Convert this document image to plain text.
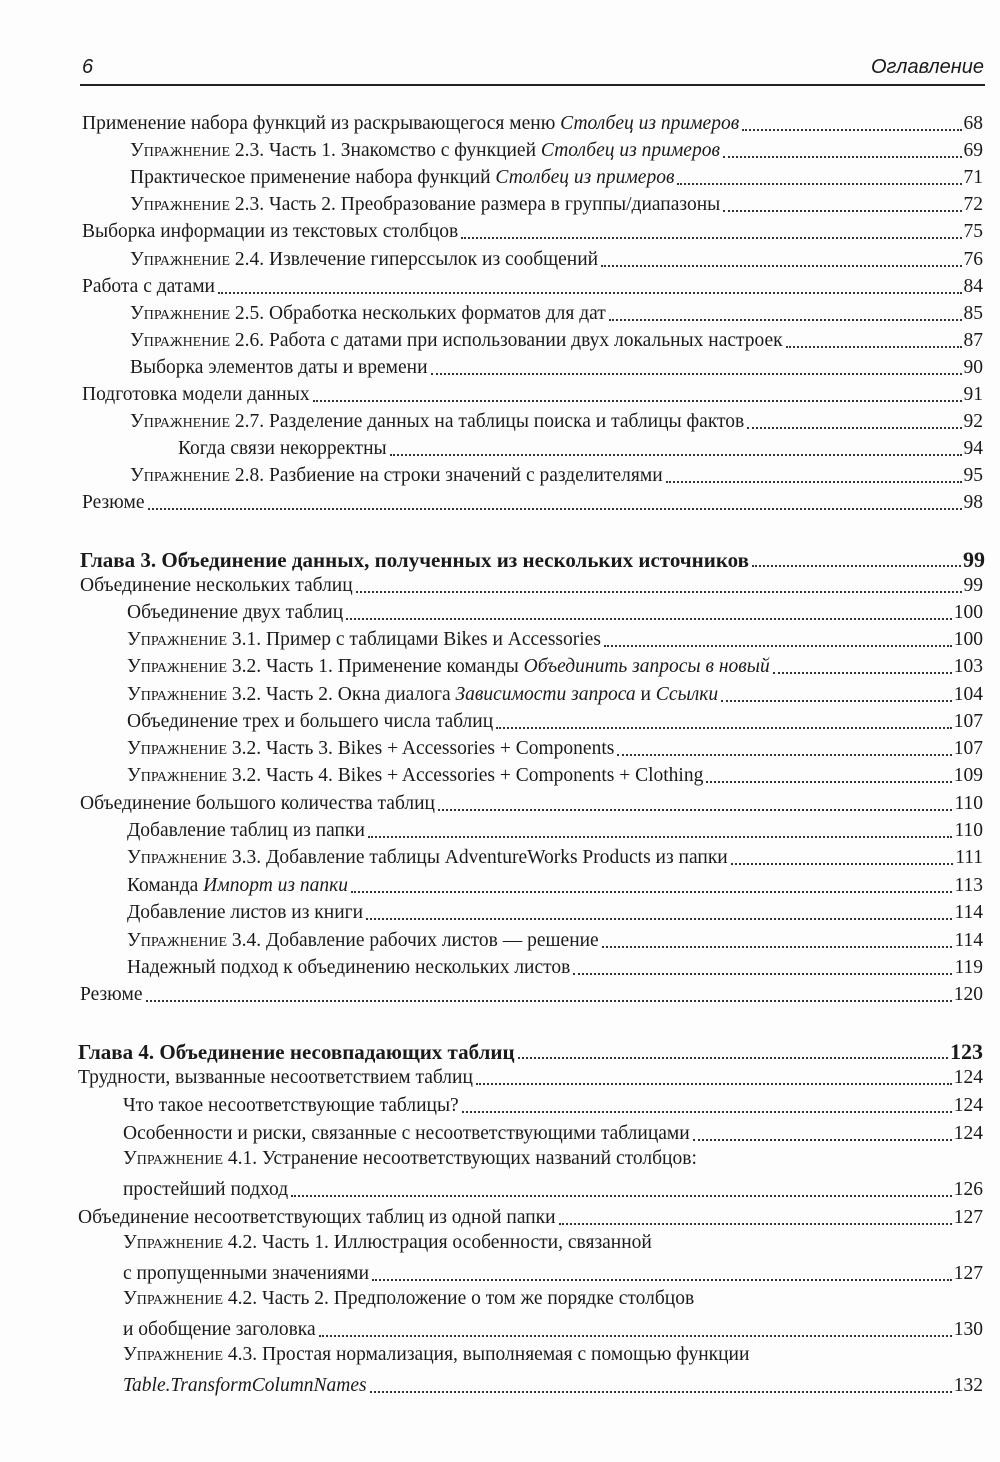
6	Оглавление
Применение набора функций из раскрывающегося меню Столбец из примеров	68
Упражнение 2.3. Часть 1. Знакомство с функцией Столбец из примеров	69
Практическое применение набора функций Столбец из примеров	71
Упражнение 2.3. Часть 2. Преобразование размера в группы/диапазоны	72
Выборка информации из текстовых столбцов	75
Упражнение 2.4. Извлечение гиперссылок из сообщений	76
Работа с датами	84
Упражнение 2.5. Обработка нескольких форматов для дат	85
Упражнение 2.6. Работа с датами при использовании двух локальных настроек	87
Выборка элементов даты и времени	90
Подготовка модели данных	91
Упражнение 2.7. Разделение данных на таблицы поиска и таблицы фактов	92
Когда связи некорректны	94
Упражнение 2.8. Разбиение на строки значений с разделителями	95
Резюме	98
Глава 3. Объединение данных, полученных из нескольких источников	99
Объединение нескольких таблиц	99
Объединение двух таблиц	100
Упражнение 3.1. Пример с таблицами Bikes и Accessories	100
Упражнение 3.2. Часть 1. Применение команды Объединить запросы в новый	103
Упражнение 3.2. Часть 2. Окна диалога Зависимости запроса и Ссылки	104
Объединение трех и большего числа таблиц	107
Упражнение 3.2. Часть 3. Bikes + Accessories + Components	107
Упражнение 3.2. Часть 4. Bikes + Accessories + Components + Clothing	109
Объединение большого количества таблиц	110
Добавление таблиц из папки	110
Упражнение 3.3. Добавление таблицы AdventureWorks Products из папки	111
Команда Импорт из папки	113
Добавление листов из книги	114
Упражнение 3.4. Добавление рабочих листов — решение	114
Надежный подход к объединению нескольких листов	119
Резюме	120
Глава 4. Объединение несовпадающих таблиц	123
Трудности, вызванные несоответствием таблиц	124
Что такое несоответствующие таблицы?	124
Особенности и риски, связанные с несоответствующими таблицами	124
Упражнение 4.1. Устранение несоответствующих названий столбцов:
простейший подход	126
Объединение несоответствующих таблиц из одной папки	127
Упражнение 4.2. Часть 1. Иллюстрация особенности, связанной
с пропущенными значениями	127
Упражнение 4.2. Часть 2. Предположение о том же порядке столбцов
и обобщение заголовка	130
Упражнение 4.3. Простая нормализация, выполняемая с помощью функции
Table.TransformColumnNames	132
